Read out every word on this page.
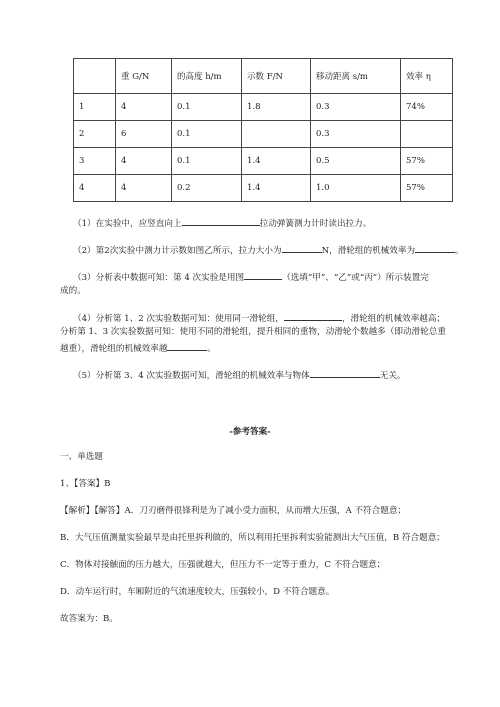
	重 G/N	的高度 h/m	示数 F/N	移动距离 s/m	效率 η
1	4	0.1	1.8	0.3	74%
2	6	0.1		0.3	
3	4	0.1	1.4	0.5	57%
4	4	0.2	1.4	1.0	57%
（1）在实验中，应竖直向上	拉动弹簧测力计时读出拉力。
（2）第2次实验中测力计示数如图乙所示，拉力大小为	N，滑轮组的机械效率为	。
（3）分析表中数据可知：第 4 次实验是用图	（选填“甲”、“乙”或“丙”）所示装置完
成的。
（4）分析第 1、2 次实验数据可知：使用同一滑轮组，	，滑轮组的机械效率越高；
分析第 1、3 次实验数据可知：使用不同的滑轮组，提升相同的重物，动滑轮个数越多（即动滑轮总重
越重），滑轮组的机械效率越	。
（5）分析第 3、4 次实验数据可知，滑轮组的机械效率与物体	无关。
-参考答案-
一、单选题
1、【答案】B
【解析】【解答】A．刀刃磨得很锋利是为了减小受力面积，从而增大压强，A 不符合题意；
B．大气压值测量实验最早是由托里拆利做的，所以利用托里拆利实验能测出大气压值，B 符合题意；
C．物体对接触面的压力越大，压强就越大，但压力不一定等于重力，C 不符合题意；
D．动车运行时，车厢附近的气流速度较大，压强较小，D 不符合题意。
故答案为：B。
